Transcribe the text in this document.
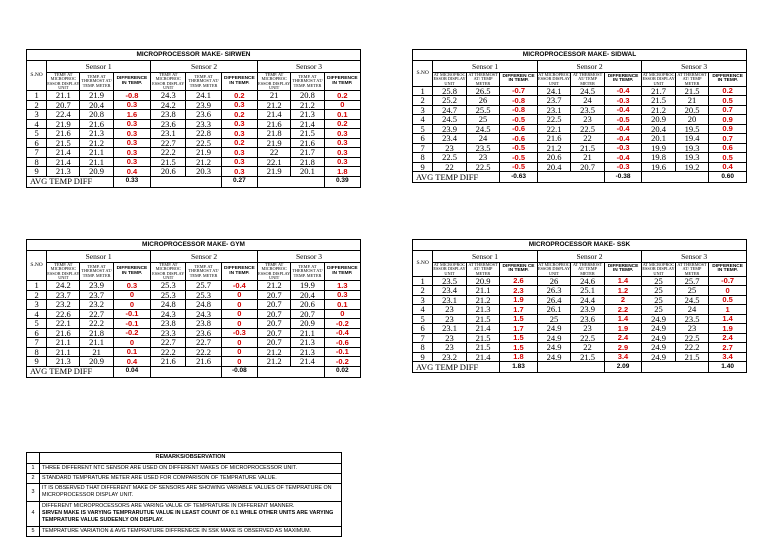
MICROPROCESSOR MAKE- SIRWEN									
S.NO	Sensor 1			Sensor 2			Sensor 3		
	TEMP. AT MICROPROC ESSOR DISPLAY UNIT	TEMP. AT THERMOST AT/ TEMP. METER	DIFFERENCE IN TEMP.	TEMP. AT MICROPROC ESSOR DISPLAY UNIT	TEMP. AT THERMOST AT/ TEMP. METER	DIFFERENCE IN TEMP.	TEMP. AT MICROPROC ESSOR DISPLAY UNIT	TEMP. AT THERMOST AT/ TEMP. METER	DIFFERENCE IN TEMP.

1	21.1	21.9	-0.8	24.3	24.1	0.2	21	20.8	0.2
2	20.7	20.4	0.3	24.2	23.9	0.3	21.2	21.2	0
3	22.4	20.8	1.6	23.8	23.6	0.2	21.4	21.3	0.1
4	21.9	21.6	0.3	23.6	23.3	0.3	21.6	21.4	0.2
5	21.6	21.3	0.3	23.1	22.8	0.3	21.8	21.5	0.3
6	21.5	21.2	0.3	22.7	22.5	0.2	21.9	21.6	0.3
7	21.4	21.1	0.3	22.2	21.9	0.3	22	21.7	0.3
8	21.4	21.1	0.3	21.5	21.2	0.3	22.1	21.8	0.3
9	21.3	20.9	0.4	20.6	20.3	0.3	21.9	20.1	1.8
AVG TEMP DIFF			0.33			0.27			0.39
MICROPROCESSOR MAKE- SIDWAL									
S.NO	Sensor 1			Sensor 2			Sensor 3		
	AT MICROPROC ESSOR DISPLAY UNIT	AT THERMOST AT/ TEMP METER	DIFFEREN CE IN TEMP.	AT MICROPROC ESSOR DISPLAY UNIT	AT THERMOST AT/ TEMP METER	DIFFERENCE IN TEMP.	AT MICROPROC ESSOR DISPLAY UNIT	AT THERMOST AT/ TEMP METER	DIFFERENCE IN TEMP.

1	25.8	26.5	-0.7	24.1	24.5	-0.4	21.7	21.5	0.2
2	25.2	26	-0.8	23.7	24	-0.3	21.5	21	0.5
3	24.7	25.5	-0.8	23.1	23.5	-0.4	21.2	20.5	0.7
4	24.5	25	-0.5	22.5	23	-0.5	20.9	20	0.9
5	23.9	24.5	-0.6	22.1	22.5	-0.4	20.4	19.5	0.9
6	23.4	24	-0.6	21.6	22	-0.4	20.1	19.4	0.7
7	23	23.5	-0.5	21.2	21.5	-0.3	19.9	19.3	0.6
8	22.5	23	-0.5	20.6	21	-0.4	19.8	19.3	0.5
9	22	22.5	-0.5	20.4	20.7	-0.3	19.6	19.2	0.4
AVG TEMP DIFF			-0.63			-0.38			0.60
MICROPROCESSOR MAKE- GYM									
S.NO	Sensor 1			Sensor 2			Sensor 3		
	TEMP. AT MICROPROC ESSOR DISPLAY UNIT	TEMP. AT THERMOST AT/ TEMP. METER	DIFFERENCE IN TEMP.	TEMP. AT MICROPROC ESSOR DISPLAY UNIT	TEMP. AT THERMOST AT/ TEMP. METER	DIFFERENCE IN TEMP.	TEMP. AT MICROPROC ESSOR DISPLAY UNIT	TEMP. AT THERMOST AT/ TEMP. METER	DIFFERENCE IN TEMP.

1	24.2	23.9	0.3	25.3	25.7	-0.4	21.2	19.9	1.3
2	23.7	23.7	0	25.3	25.3	0	20.7	20.4	0.3
3	23.2	23.2	0	24.8	24.8	0	20.7	20.6	0.1
4	22.6	22.7	-0.1	24.3	24.3	0	20.7	20.7	0
5	22.1	22.2	-0.1	23.8	23.8	0	20.7	20.9	-0.2
6	21.6	21.8	-0.2	23.3	23.6	-0.3	20.7	21.1	-0.4
7	21.1	21.1	0	22.7	22.7	0	20.7	21.3	-0.6
8	21.1	21	0.1	22.2	22.2	0	21.2	21.3	-0.1
9	21.3	20.9	0.4	21.6	21.6	0	21.2	21.4	-0.2
AVG TEMP DIFF			0.04			-0.08			0.02
MICROPROCESSOR MAKE- SSK									
S.NO	Sensor 1			Sensor 2			Sensor 3		
	AT MICROPROC ESSOR DISPLAY UNIT	AT THERMOST AT/ TEMP METER	DIFFEREN CE IN TEMP.	AT MICROPROC ESSOR DISPLAY UNIT	AT THERMOST AT/ TEMP METER	DIFFERENCE IN TEMP.	AT MICROPROC ESSOR DISPLAY UNIT	AT THERMOST AT/ TEMP METER	DIFFERENCE IN TEMP.

1	23.5	20.9	2.6	26	24.6	1.4	25	25.7	-0.7
2	23.4	21.1	2.3	26.3	25.1	1.2	25	25	0
3	23.1	21.2	1.9	26.4	24.4	2	25	24.5	0.5
4	23	21.3	1.7	26.1	23.9	2.2	25	24	1
5	23	21.5	1.5	25	23.6	1.4	24.9	23.5	1.4
6	23.1	21.4	1.7	24.9	23	1.9	24.9	23	1.9
7	23	21.5	1.5	24.9	22.5	2.4	24.9	22.5	2.4
8	23	21.5	1.5	24.9	22	2.9	24.9	22.2	2.7
9	23.2	21.4	1.8	24.9	21.5	3.4	24.9	21.5	3.4
AVG TEMP DIFF			1.83			2.09			1.40
	REMARKS/OBSERVATION
1	THREE DIFFERENT NTC SENSOR ARE USED ON DIFFERENT MAKES OF MICROPROCESSOR UNIT.
2	STANDARD TEMPRATURE METER ARE USED FOR COMPARISON OF TEMPRATURE VALUE.
3	IT IS OBSERVED THAT DIFFERENT MAKE OF SENSORS ARE SHOWING VARIABLE VALUES OF TEMPRATURE ON MICROPROCESSOR DISPLAY UNIT.
4	DIFFERENT MICROPROCESSORS ARE VARING VALUE OF TEMPRATURE IN DIFFERENT MANNER.
SIRVEN MAKE IS VARYING TEMPRARUTUE VALUE IN LEAST COUNT OF 0.1 WHILE OTHER UNITS ARE VARYING TEMPRATURE VALUE SUDEENLY ON DISPLAY.

5	TEMPRATURE VARIATION & AVG TEMPRATURE DIFFRENECE IN SSK MAKE IS OBSERVED AS MAXIMUM.
